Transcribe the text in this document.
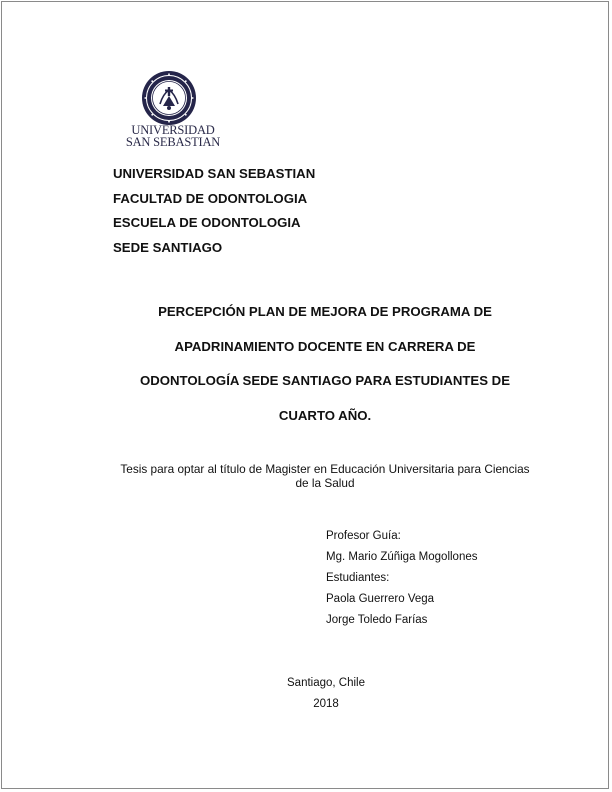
UNIVERSIDAD
SAN SEBASTIAN
UNIVERSIDAD SAN SEBASTIAN
FACULTAD DE ODONTOLOGIA
ESCUELA DE ODONTOLOGIA
SEDE SANTIAGO
PERCEPCIÓN PLAN DE MEJORA DE PROGRAMA DE
APADRINAMIENTO DOCENTE EN CARRERA DE
ODONTOLOGÍA SEDE SANTIAGO PARA ESTUDIANTES DE
CUARTO AÑO.
Tesis para optar al título de Magister en Educación Universitaria para Ciencias
de la Salud
Profesor Guía:
Mg. Mario Zúñiga Mogollones
Estudiantes:
Paola Guerrero Vega
Jorge Toledo Farías
Santiago, Chile
2018
